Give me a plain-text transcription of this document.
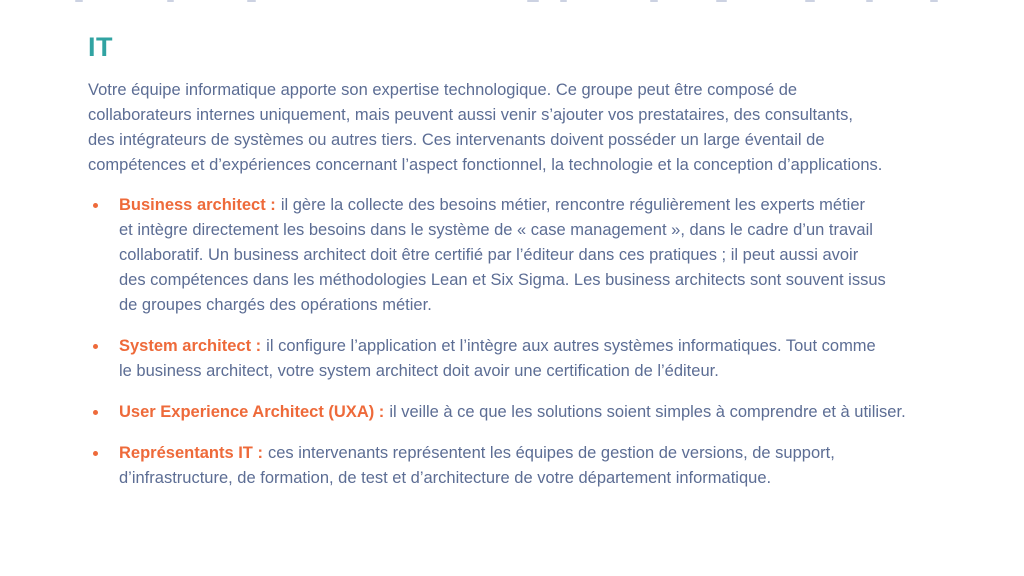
IT
Votre équipe informatique apporte son expertise technologique. Ce groupe peut être composé de
collaborateurs internes uniquement, mais peuvent aussi venir s’ajouter vos prestataires, des consultants,
des intégrateurs de systèmes ou autres tiers. Ces intervenants doivent posséder un large éventail de
compétences et d’expériences concernant l’aspect fonctionnel, la technologie et la conception d’applications.
Business architect : il gère la collecte des besoins métier, rencontre régulièrement les experts métier
et intègre directement les besoins dans le système de « case management », dans le cadre d’un travail
collaboratif. Un business architect doit être certifié par l’éditeur dans ces pratiques ; il peut aussi avoir
des compétences dans les méthodologies Lean et Six Sigma. Les business architects sont souvent issus
de groupes chargés des opérations métier.
System architect : il configure l’application et l’intègre aux autres systèmes informatiques. Tout comme
le business architect, votre system architect doit avoir une certification de l’éditeur.
User Experience Architect (UXA) : il veille à ce que les solutions soient simples à comprendre et à utiliser.
Représentants IT : ces intervenants représentent les équipes de gestion de versions, de support,
d’infrastructure, de formation, de test et d’architecture de votre département informatique.
